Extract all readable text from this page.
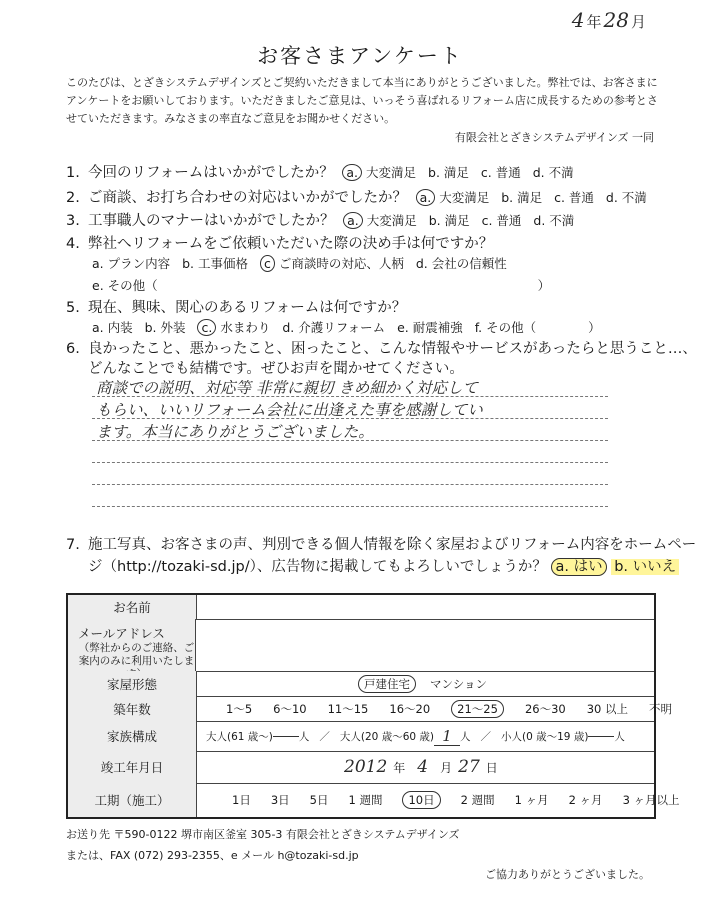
4 年 28 月
お客さまアンケート
このたびは、とざきシステムデザインズとご契約いただきまして本当にありがとうございました。弊社では、お客さまにアンケートをお願いしております。いただきましたご意見は、いっそう喜ばれるリフォーム店に成長するための参考とさせていただきます。みなさまの率直なご意見をお聞かせください。
有限会社とざきシステムデザインズ 一同
1. 今回のリフォームはいかがでしたか？ a. 大変満足 b. 満足 c. 普通 d. 不満
2. ご商談、お打ち合わせの対応はいかがでしたか？ a. 大変満足 b. 満足 c. 普通 d. 不満
3. 工事職人のマナーはいかがでしたか？ a. 大変満足 b. 満足 c. 普通 d. 不満
4. 弊社へリフォームをご依頼いただいた際の決め手は何ですか？
a. プラン内容 b. 工事価格 c ご商談時の対応、人柄 d. 会社の信頼性
e. その他（	）
5. 現在、興味、関心のあるリフォームは何ですか？
a. 内装 b. 外装 c. 水まわり d. 介護リフォーム e. 耐震補強 f. その他（	）
6. 良かったこと、悪かったこと、困ったこと、こんな情報やサービスがあったらと思うこと…、
どんなことでも結構です。ぜひお声を聞かせてください。
商談での説明、対応等 非常に親切 きめ細かく対応して
もらい、いいリフォーム会社に出逢えた事を感謝してい
ます。本当にありがとうございました。
7. 施工写真、お客さまの声、判別できる個人情報を除く家屋およびリフォーム内容をホームペー
ジ（http://tozaki-sd.jp/）、広告物に掲載してもよろしいでしょうか？ a. はい b. いいえ
お名前
メールアドレス
（弊社からのご連絡、ご案内のみに利用いたしま
家屋形態	戸建住宅	マンション
築年数	1〜5 6〜10 11〜15 16〜20	21〜25	26〜30 30 以上 不明
家族構成	大人(61 歳〜) 人 ／ 大人(20 歳〜60 歳) 1 人 ／ 小人(0 歳〜19 歳) 人
竣工年月日	2012 年 4 月 27 日
工期（施工）	1日 3日 5日 1 週間	10日	2 週間 1 ヶ月 2 ヶ月 3 ヶ月以上
お送り先 〒590-0122 堺市南区釜室 305-3 有限会社とざきシステムデザインズ
または、FAX (072) 293-2355、e メール h@tozaki-sd.jp
ご協力ありがとうございました。
